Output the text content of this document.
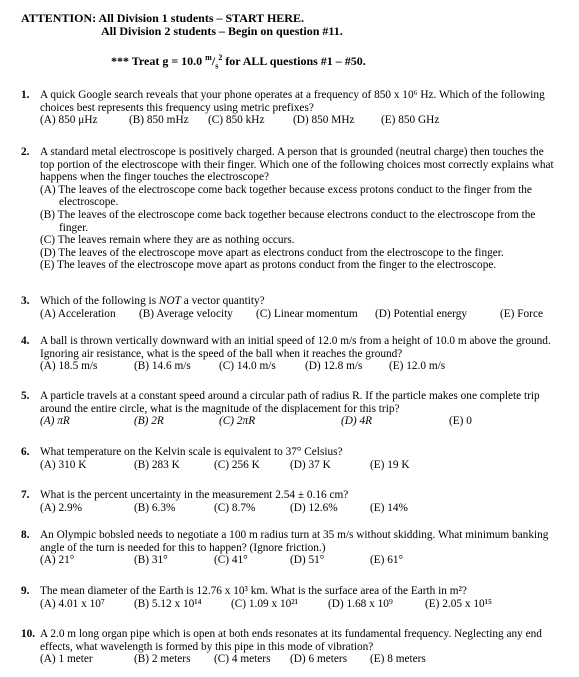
ATTENTION: All Division 1 students – START HERE.
All Division 2 students – Begin on question #11.
*** Treat g = 10.0 $^m/_s^2$ for ALL questions #1 – #50.
1. A quick Google search reveals that your phone operates at a frequency of 850 x 10⁶ Hz. Which of the following choices best represents this frequency using metric prefixes?
(A) 850 μHz	(B) 850 mHz	(C) 850 kHz	(D) 850 MHz	(E) 850 GHz
2. A standard metal electroscope is positively charged. A person that is grounded (neutral charge) then touches the top portion of the electroscope with their finger. Which one of the following choices most correctly explains what happens when the finger touches the electroscope?
(A) The leaves of the electroscope come back together because excess protons conduct to the finger from the electroscope.
(B) The leaves of the electroscope come back together because electrons conduct to the electroscope from the finger.
(C) The leaves remain where they are as nothing occurs.
(D) The leaves of the electroscope move apart as electrons conduct from the electroscope to the finger.
(E) The leaves of the electroscope move apart as protons conduct from the finger to the electroscope.
3. Which of the following is NOT a vector quantity?
(A) Acceleration	(B) Average velocity	(C) Linear momentum	(D) Potential energy	(E) Force
4. A ball is thrown vertically downward with an initial speed of 12.0 m/s from a height of 10.0 m above the ground. Ignoring air resistance, what is the speed of the ball when it reaches the ground?
(A) 18.5 m/s	(B) 14.6 m/s	(C) 14.0 m/s	(D) 12.8 m/s	(E) 12.0 m/s
5. A particle travels at a constant speed around a circular path of radius R. If the particle makes one complete trip around the entire circle, what is the magnitude of the displacement for this trip?
(A) πR	(B) 2R	(C) 2πR	(D) 4R	(E) 0
6. What temperature on the Kelvin scale is equivalent to 37° Celsius?
(A) 310 K	(B) 283 K	(C) 256 K	(D) 37 K	(E) 19 K
7. What is the percent uncertainty in the measurement 2.54 ± 0.16 cm?
(A) 2.9%	(B) 6.3%	(C) 8.7%	(D) 12.6%	(E) 14%
8. An Olympic bobsled needs to negotiate a 100 m radius turn at 35 m/s without skidding. What minimum banking angle of the turn is needed for this to happen? (Ignore friction.)
(A) 21°	(B) 31°	(C) 41°	(D) 51°	(E) 61°
9. The mean diameter of the Earth is 12.76 x 10³ km. What is the surface area of the Earth in m²?
(A) 4.01 x 10⁷	(B) 5.12 x 10¹⁴	(C) 1.09 x 10²¹	(D) 1.68 x 10⁹	(E) 2.05 x 10¹⁵
10. A 2.0 m long organ pipe which is open at both ends resonates at its fundamental frequency. Neglecting any end effects, what wavelength is formed by this pipe in this mode of vibration?
(A) 1 meter	(B) 2 meters	(C) 4 meters	(D) 6 meters	(E) 8 meters
